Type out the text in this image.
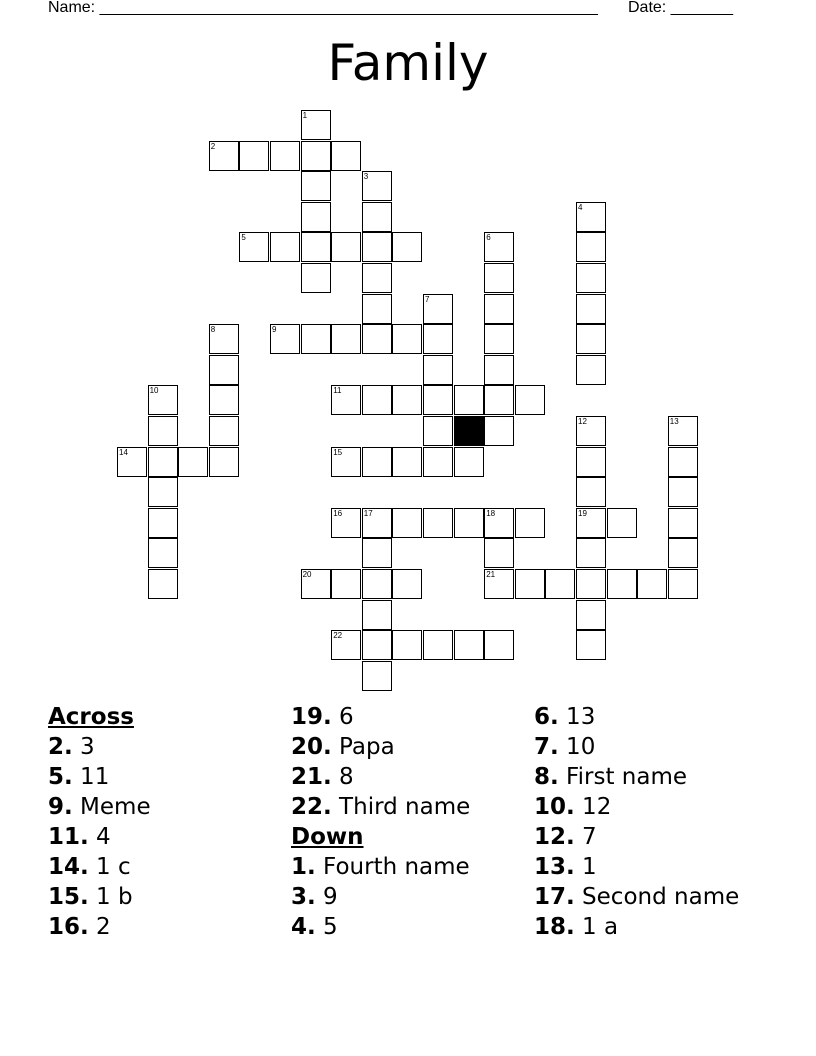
Name: ________________________________________________________ Date: _______
Family
1
2
3
4
5	6
7
8	9
10	11
12	13
14	15
16	17	18	19
20	21
22
Across
2. 3
5. 11
9. Meme
11. 4
14. 1 c
15. 1 b
16. 2
19. 6
20. Papa
21. 8
22. Third name
Down
1. Fourth name
3. 9
4. 5
6. 13
7. 10
8. First name
10. 12
12. 7
13. 1
17. Second name
18. 1 a
